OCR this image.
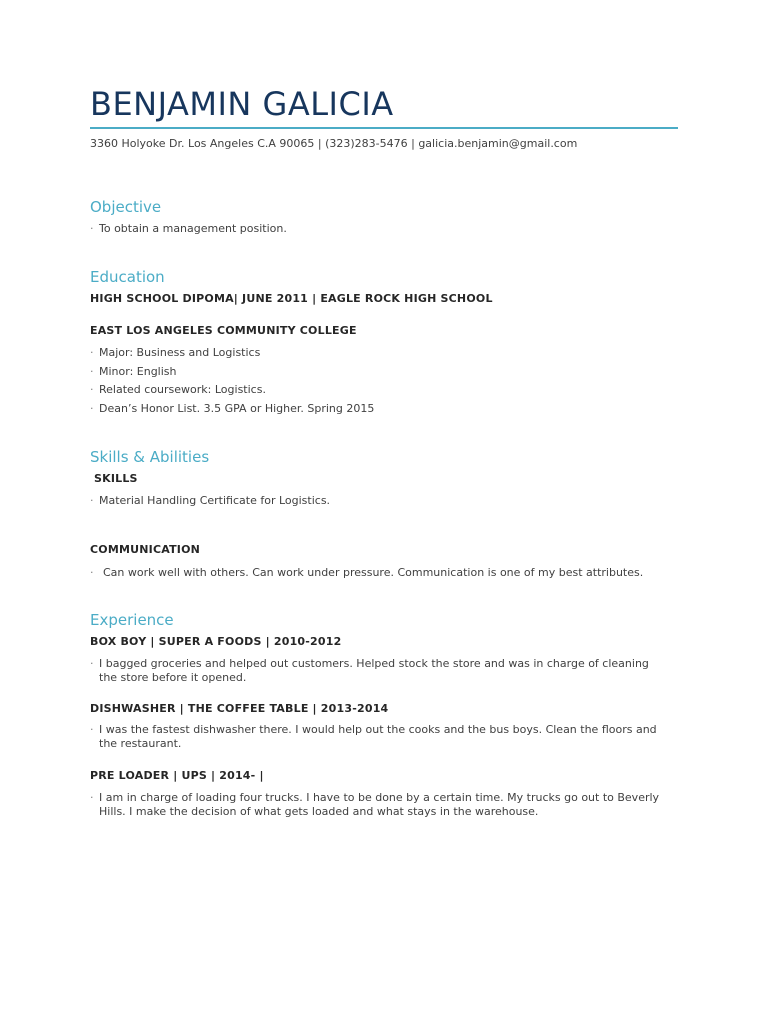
BENJAMIN GALICIA
3360 Holyoke Dr. Los Angeles C.A 90065 | (323)283-5476 | galicia.benjamin@gmail.com
Objective
· To obtain a management position.
Education
HIGH SCHOOL DIPOMA| JUNE 2011 | EAGLE ROCK HIGH SCHOOL
EAST LOS ANGELES COMMUNITY COLLEGE
· Major: Business and Logistics
· Minor: English
· Related coursework: Logistics.
· Dean’s Honor List. 3.5 GPA or Higher. Spring 2015
Skills & Abilities
SKILLS
· Material Handling Certificate for Logistics.
COMMUNICATION
· Can work well with others. Can work under pressure. Communication is one of my best attributes.
Experience
BOX BOY | SUPER A FOODS | 2010-2012
· I bagged groceries and helped out customers. Helped stock the store and was in charge of cleaning
the store before it opened.
DISHWASHER | THE COFFEE TABLE | 2013-2014
· I was the fastest dishwasher there. I would help out the cooks and the bus boys. Clean the floors and
the restaurant.
PRE LOADER | UPS | 2014- |
· I am in charge of loading four trucks. I have to be done by a certain time. My trucks go out to Beverly
Hills. I make the decision of what gets loaded and what stays in the warehouse.
